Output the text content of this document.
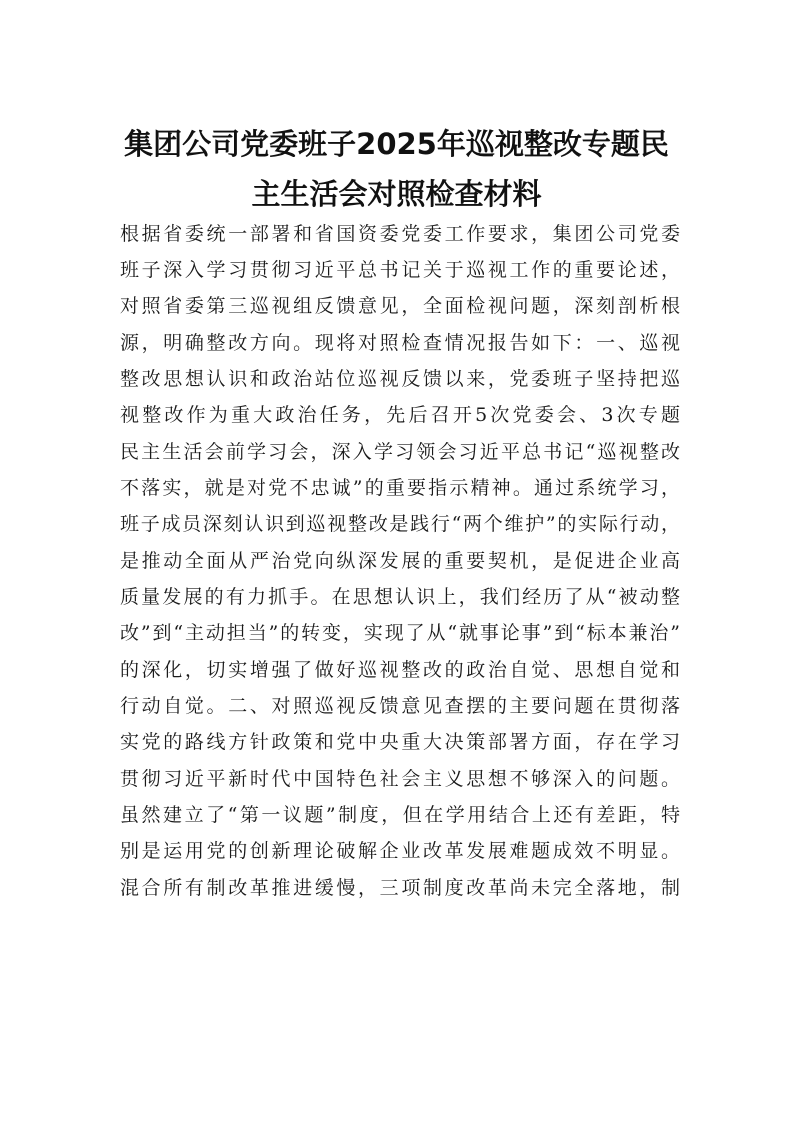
集团公司党委班子2025年巡视整改专题民
主生活会对照检查材料

根据省委统一部署和省国资委党委工作要求，集团公司党委

班子深入学习贯彻习近平总书记关于巡视工作的重要论述，

对照省委第三巡视组反馈意见，全面检视问题，深刻剖析根

源，明确整改方向。现将对照检查情况报告如下：一、巡视

整改思想认识和政治站位巡视反馈以来，党委班子坚持把巡

视整改作为重大政治任务，先后召开5次党委会、3次专题

民主生活会前学习会，深入学习领会习近平总书记“巡视整改

不落实，就是对党不忠诚”的重要指示精神。通过系统学习，

班子成员深刻认识到巡视整改是践行“两个维护”的实际行动，

是推动全面从严治党向纵深发展的重要契机，是促进企业高

质量发展的有力抓手。在思想认识上，我们经历了从“被动整

改”到“主动担当”的转变，实现了从“就事论事”到“标本兼治”

的深化，切实增强了做好巡视整改的政治自觉、思想自觉和

行动自觉。二、对照巡视反馈意见查摆的主要问题在贯彻落

实党的路线方针政策和党中央重大决策部署方面，存在学习

贯彻习近平新时代中国特色社会主义思想不够深入的问题。

虽然建立了“第一议题”制度，但在学用结合上还有差距，特

别是运用党的创新理论破解企业改革发展难题成效不明显。

混合所有制改革推进缓慢，三项制度改革尚未完全落地，制
